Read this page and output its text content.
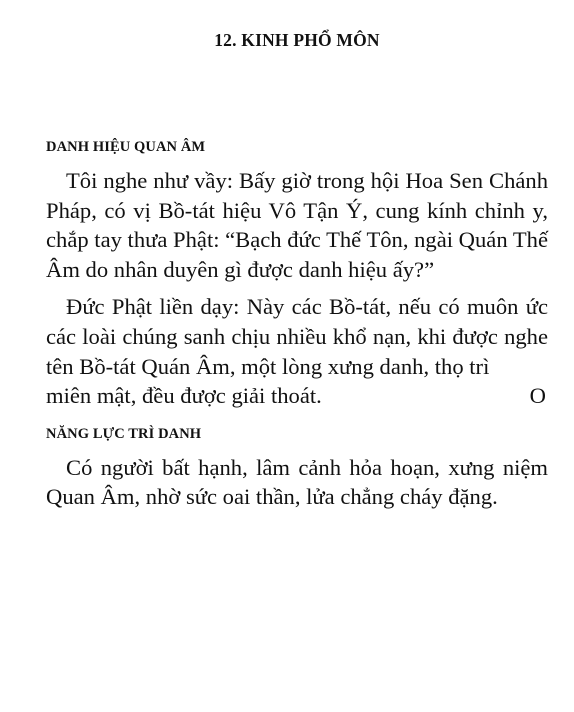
12. KINH PHỔ MÔN
DANH HIỆU QUAN ÂM

Tôi nghe như vầy: Bấy giờ trong hội Hoa Sen Chánh Pháp, có vị Bồ-tát hiệu Vô Tận Ý, cung kính chỉnh y, chắp tay thưa Phật: “Bạch đức Thế Tôn, ngài Quán Thế Âm do nhân duyên gì được danh hiệu ấy?”

Đức Phật liền dạy: Này các Bồ-tát, nếu có muôn ức các loài chúng sanh chịu nhiều khổ nạn, khi được nghe tên Bồ-tát Quán Âm, một lòng xưng danh, thọ trì
miên mật, đều được giải thoát.	O

NĂNG LỰC TRÌ DANH

Có người bất hạnh, lâm cảnh hỏa hoạn, xưng niệm Quan Âm, nhờ sức oai thần, lửa chẳng cháy đặng.
